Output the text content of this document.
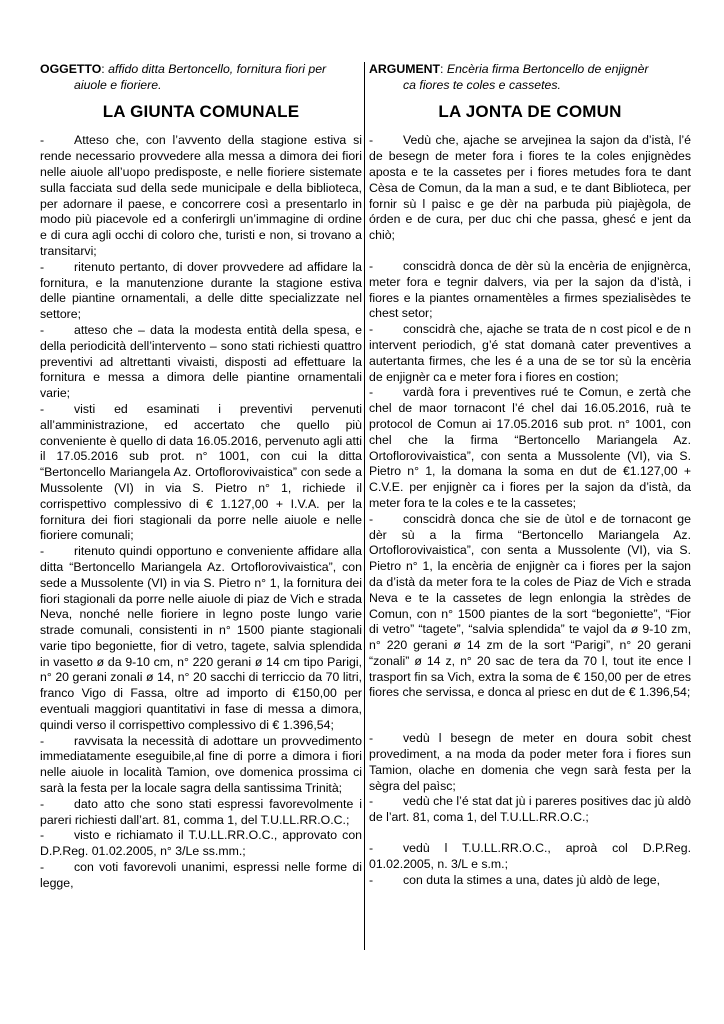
OGGETTO: affido ditta Bertoncello, fornitura fiori per
aiuole e fioriere.

LA GIUNTA COMUNALE

- Atteso che, con l’avvento della stagione estiva si rende necessario provvedere alla messa a dimora dei fiori nelle aiuole all’uopo predisposte, e nelle fioriere sistemate sulla facciata sud della sede municipale e della biblioteca, per adornare il paese, e concorrere così a presentarlo in modo più piacevole ed a conferirgli un’immagine di ordine e di cura agli occhi di coloro che, turisti e non, si trovano a transitarvi;

- ritenuto pertanto, di dover provvedere ad affidare la fornitura, e la manutenzione durante la stagione estiva delle piantine ornamentali, a delle ditte specializzate nel settore;

- atteso che – data la modesta entità della spesa, e della periodicità dell’intervento – sono stati richiesti quattro preventivi ad altrettanti vivaisti, disposti ad effettuare la fornitura e messa a dimora delle piantine ornamentali varie;

- visti ed esaminati i preventivi pervenuti all’amministrazione, ed accertato che quello più conveniente è quello di data 16.05.2016, pervenuto agli atti il 17.05.2016 sub prot. n° 1001, con cui la ditta “Bertoncello Mariangela Az. Ortoflorovivaistica” con sede a Mussolente (VI) in via S. Pietro n° 1, richiede il corrispettivo complessivo di € 1.127,00 + I.V.A. per la fornitura dei fiori stagionali da porre nelle aiuole e nelle fioriere comunali;

- ritenuto quindi opportuno e conveniente affidare alla ditta “Bertoncello Mariangela Az. Ortoflorovivaistica”, con sede a Mussolente (VI) in via S. Pietro n° 1, la fornitura dei fiori stagionali da porre nelle aiuole di piaz de Vich e strada Neva, nonché nelle fioriere in legno poste lungo varie strade comunali, consistenti in n° 1500 piante stagionali varie tipo begoniette, fior di vetro, tagete, salvia splendida in vasetto ø da 9-10 cm, n° 220 gerani ø 14 cm tipo Parigi, n° 20 gerani zonali ø 14, n° 20 sacchi di terriccio da 70 litri, franco Vigo di Fassa, oltre ad importo di €150,00 per eventuali maggiori quantitativi in fase di messa a dimora, quindi verso il corrispettivo complessivo di € 1.396,54;

- ravvisata la necessità di adottare un provvedimento immediatamente eseguibile,al fine di porre a dimora i fiori nelle aiuole in località Tamion, ove domenica prossima ci sarà la festa per la locale sagra della santissima Trinità;

- dato atto che sono stati espressi favorevolmente i pareri richiesti dall’art. 81, comma 1, del T.U.LL.RR.O.C.;

- visto e richiamato il T.U.LL.RR.O.C., approvato con D.P.Reg. 01.02.2005, n° 3/Le ss.mm.;

- con voti favorevoli unanimi, espressi nelle forme di legge,

ARGUMENT: Encèria firma Bertoncello de enjignèr
ca fiores te coles e cassetes.

LA JONTA DE COMUN

- Vedù che, ajache se arvejinea la sajon da d’istà, l’é de besegn de meter fora i fiores te la coles enjignèdes aposta e te la cassetes per i fiores metudes fora te dant Cèsa de Comun, da la man a sud, e te dant Biblioteca, per fornir sù l paìsc e ge dèr na parbuda più piajègola, de órden e de cura, per duc chi che passa, ghesć e jent da chiò;

- conscidrà donca de dèr sù la encèria de enjignèrca, meter fora e tegnir dalvers, via per la sajon da d’istà, i fiores e la piantes ornamentèles a firmes spezialisèdes te chest setor;

- conscidrà che, ajache se trata de n cost picol e de n intervent periodich, g’é stat domanà cater preventives a autertanta firmes, che les é a una de se tor sù la encèria de enjignèr ca e meter fora i fiores en costion;

- vardà fora i preventives rué te Comun, e zertà che chel de maor tornacont l’é chel dai 16.05.2016, ruà te protocol de Comun ai 17.05.2016 sub prot. n° 1001, con chel che la firma “Bertoncello Mariangela Az. Ortoflorovivaistica”, con senta a Mussolente (VI), via S. Pietro n° 1, la domana la soma en dut de €1.127,00 + C.V.E. per enjignèr ca i fiores per la sajon da d’istà, da meter fora te la coles e te la cassetes;

- conscidrà donca che sie de ùtol e de tornacont ge dèr sù a la firma “Bertoncello Mariangela Az. Ortoflorovivaistica”, con senta a Mussolente (VI), via S. Pietro n° 1, la encèria de enjignèr ca i fiores per la sajon da d’istà da meter fora te la coles de Piaz de Vich e strada Neva e te la cassetes de legn enlongia la strèdes de Comun, con n° 1500 piantes de la sort “begoniette”, “Fior di vetro” “tagete”, “salvia splendida” te vajol da ø 9-10 zm, n° 220 gerani ø 14 zm de la sort “Parigi”, n° 20 gerani “zonali” ø 14 z, n° 20 sac de tera da 70 l, tout ite ence l trasport fin sa Vich, extra la soma de € 150,00 per de etres fiores che servissa, e donca al priesc en dut de € 1.396,54;

- vedù l besegn de meter en doura sobit chest provediment, a na moda da poder meter fora i fiores sun Tamion, olache en domenia che vegn sarà festa per la sègra del paìsc;

- vedù che l’é stat dat jù i pareres positives dac jù aldò de l’art. 81, coma 1, del T.U.LL.RR.O.C.;

- vedù l T.U.LL.RR.O.C., aproà col D.P.Reg. 01.02.2005, n. 3/L e s.m.;

- con duta la stimes a una, dates jù aldò de lege,
